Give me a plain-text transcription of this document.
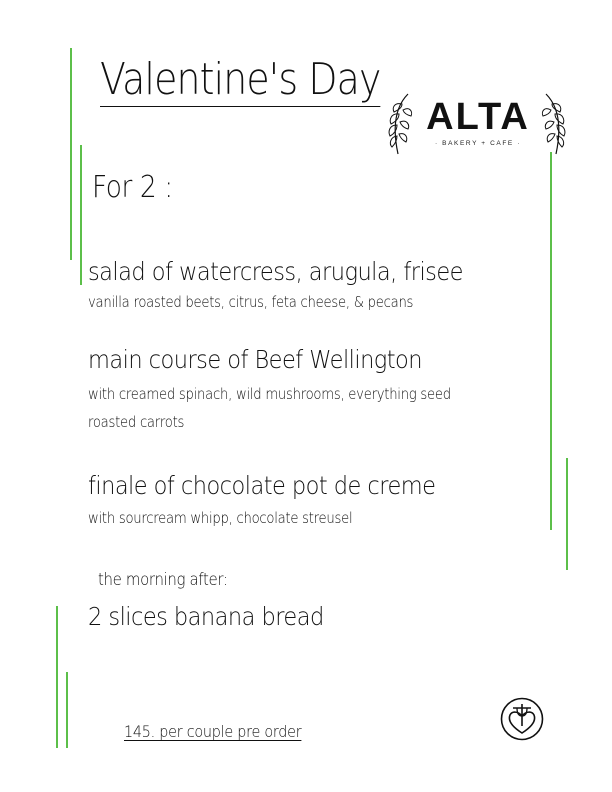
Valentine's Day
ALTA
· BAKERY + CAFE ·
For 2 :
salad of watercress, arugula, frisee
vanilla roasted beets, citrus, feta cheese, & pecans
main course of Beef Wellington
with creamed spinach, wild mushrooms, everything seed
roasted carrots
finale of chocolate pot de creme
with sourcream whipp, chocolate streusel
the morning after:
2 slices banana bread
145. per couple pre order
